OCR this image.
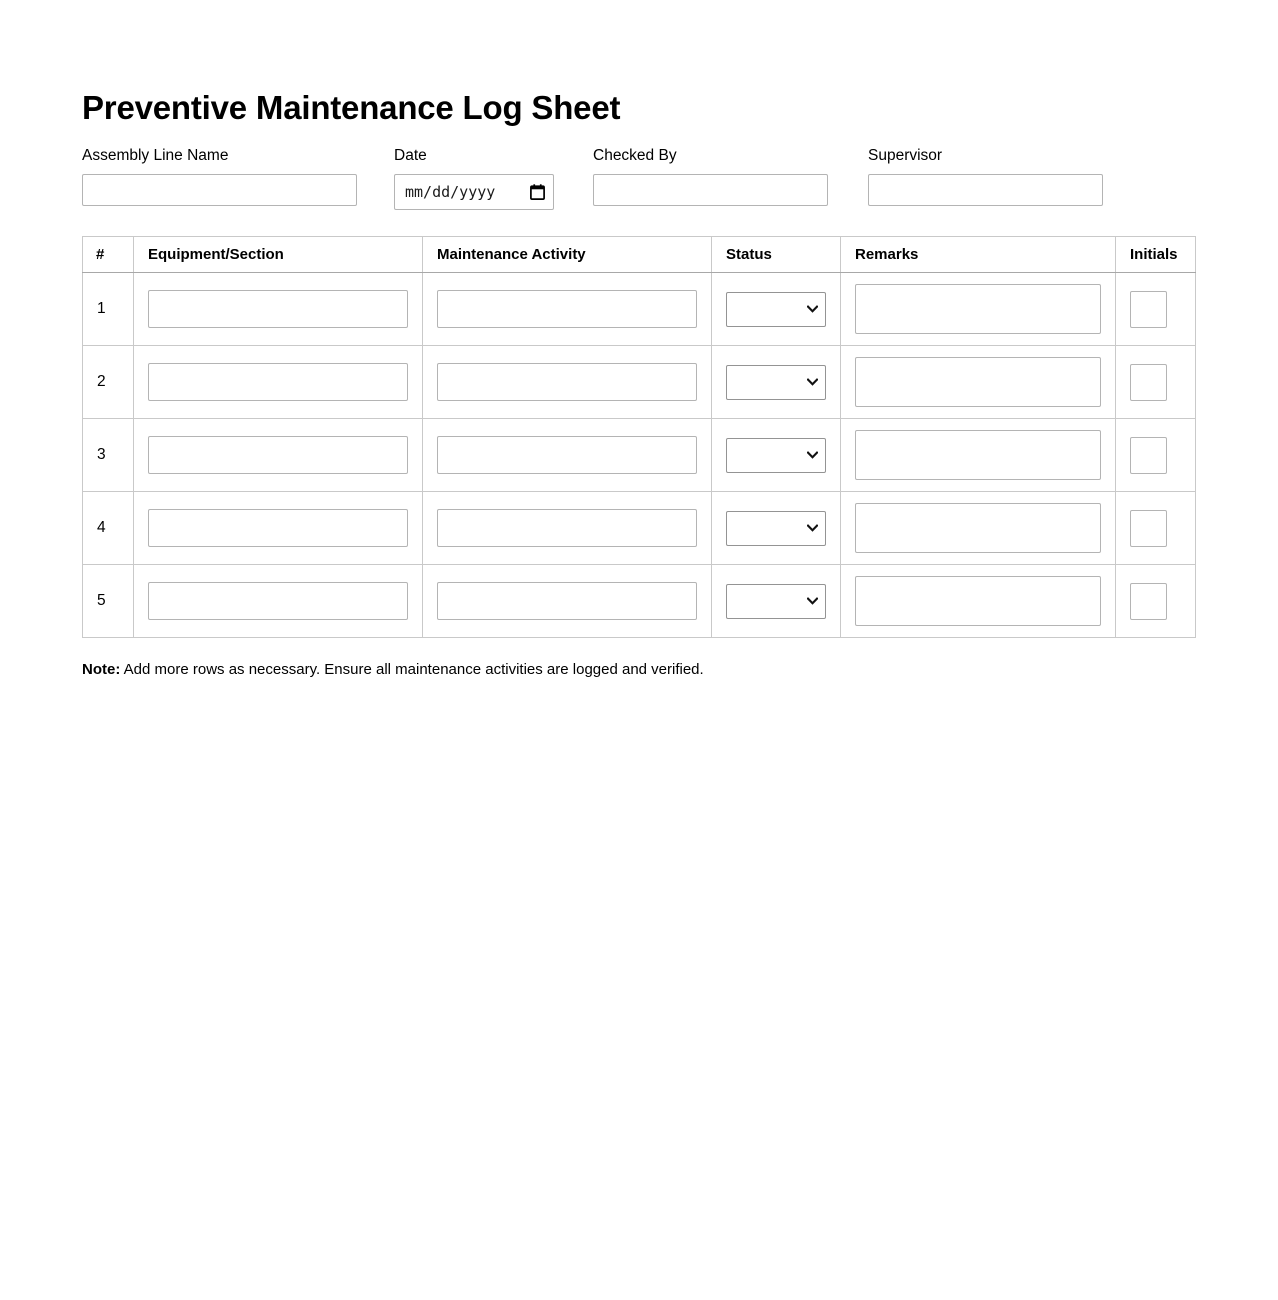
Preventive Maintenance Log Sheet
Assembly Line Name	Date
mm/dd/yyyy
Checked By	Supervisor
#	Equipment/Section	Maintenance Activity	Status	Remarks	Initials
1	

2	

3	

4	

5	

Note: Add more rows as necessary. Ensure all maintenance activities are logged and verified.
